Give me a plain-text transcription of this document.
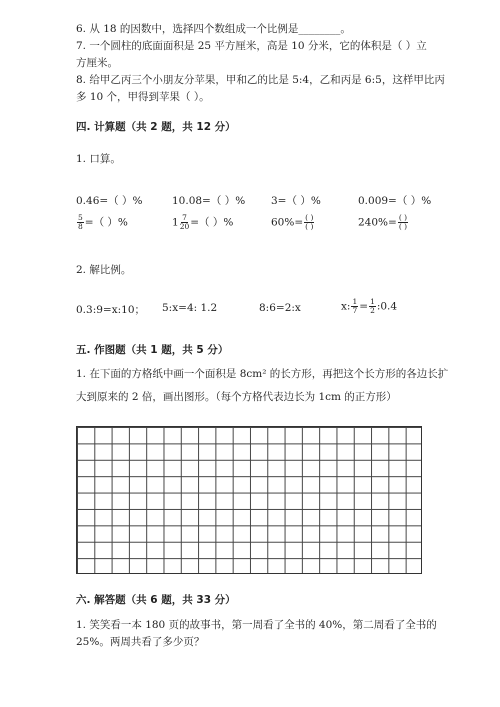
6. 从 18 的因数中，选择四个数组成一个比例是________。
7. 一个圆柱的底面面积是 25 平方厘米，高是 10 分米，它的体积是（ ）立
方厘米。
8. 给甲乙丙三个小朋友分苹果，甲和乙的比是 5:4，乙和丙是 6:5，这样甲比丙
多 10 个，甲得到苹果（ ）。
四. 计算题（共 2 题，共 12 分）
1. 口算。
0.46=（ ）%	10.08=（ ）% 3=（ ）%	0.009=（ ）%
$\frac{5}{8}$ =（ ）%	$1 \frac{7}{20}$ =（ ）%	$60\%= \frac{( )}{( )}$	$240\%= \frac{( )}{( )}$
2. 解比例。
0.3:9=x:10； 5:x=4: 1.2	8:6=2:x	x: $\frac{1}{7} = \frac{1}{2}$ :0.4
五. 作图题（共 1 题，共 5 分）
1. 在下面的方格纸中画一个面积是 8cm² 的长方形，再把这个长方形的各边长扩
大到原来的 2 倍，画出图形。（每个方格代表边长为 1cm 的正方形）
六. 解答题（共 6 题，共 33 分）
1. 笑笑看一本 180 页的故事书，第一周看了全书的 40%，第二周看了全书的
25%。两周共看了多少页？
